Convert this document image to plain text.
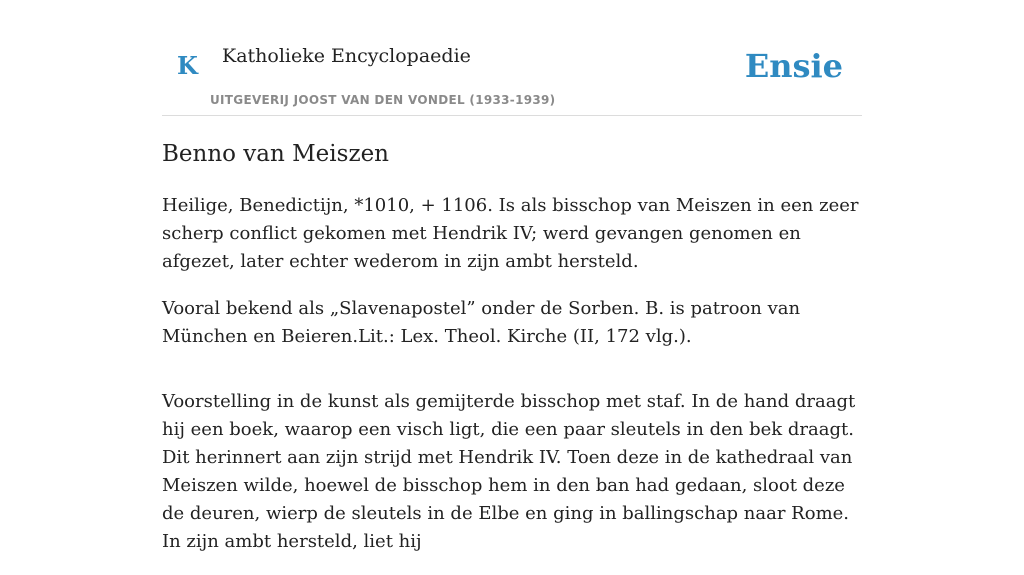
K Katholieke Encyclopaedie
UITGEVERIJ JOOST VAN DEN VONDEL (1933-1939)
Ensie
Benno van Meiszen

Heilige, Benedictijn, *1010, + 1106. Is als bisschop van Meiszen in een zeer scherp conflict gekomen met Hendrik IV; werd gevangen genomen en afgezet, later echter wederom in zijn ambt hersteld.

Vooral bekend als „Slavenapostel” onder de Sorben. B. is patroon van München en Beieren.Lit.: Lex. Theol. Kirche (II, 172 vlg.).

Voorstelling in de kunst als gemijterde bisschop met staf. In de hand draagt hij een boek, waarop een visch ligt, die een paar sleutels in den bek draagt. Dit herinnert aan zijn strijd met Hendrik IV. Toen deze in de kathedraal van Meiszen wilde, hoewel de bisschop hem in den ban had gedaan, sloot deze de deuren, wierp de sleutels in de Elbe en ging in ballingschap naar Rome. In zijn ambt hersteld, liet hij
